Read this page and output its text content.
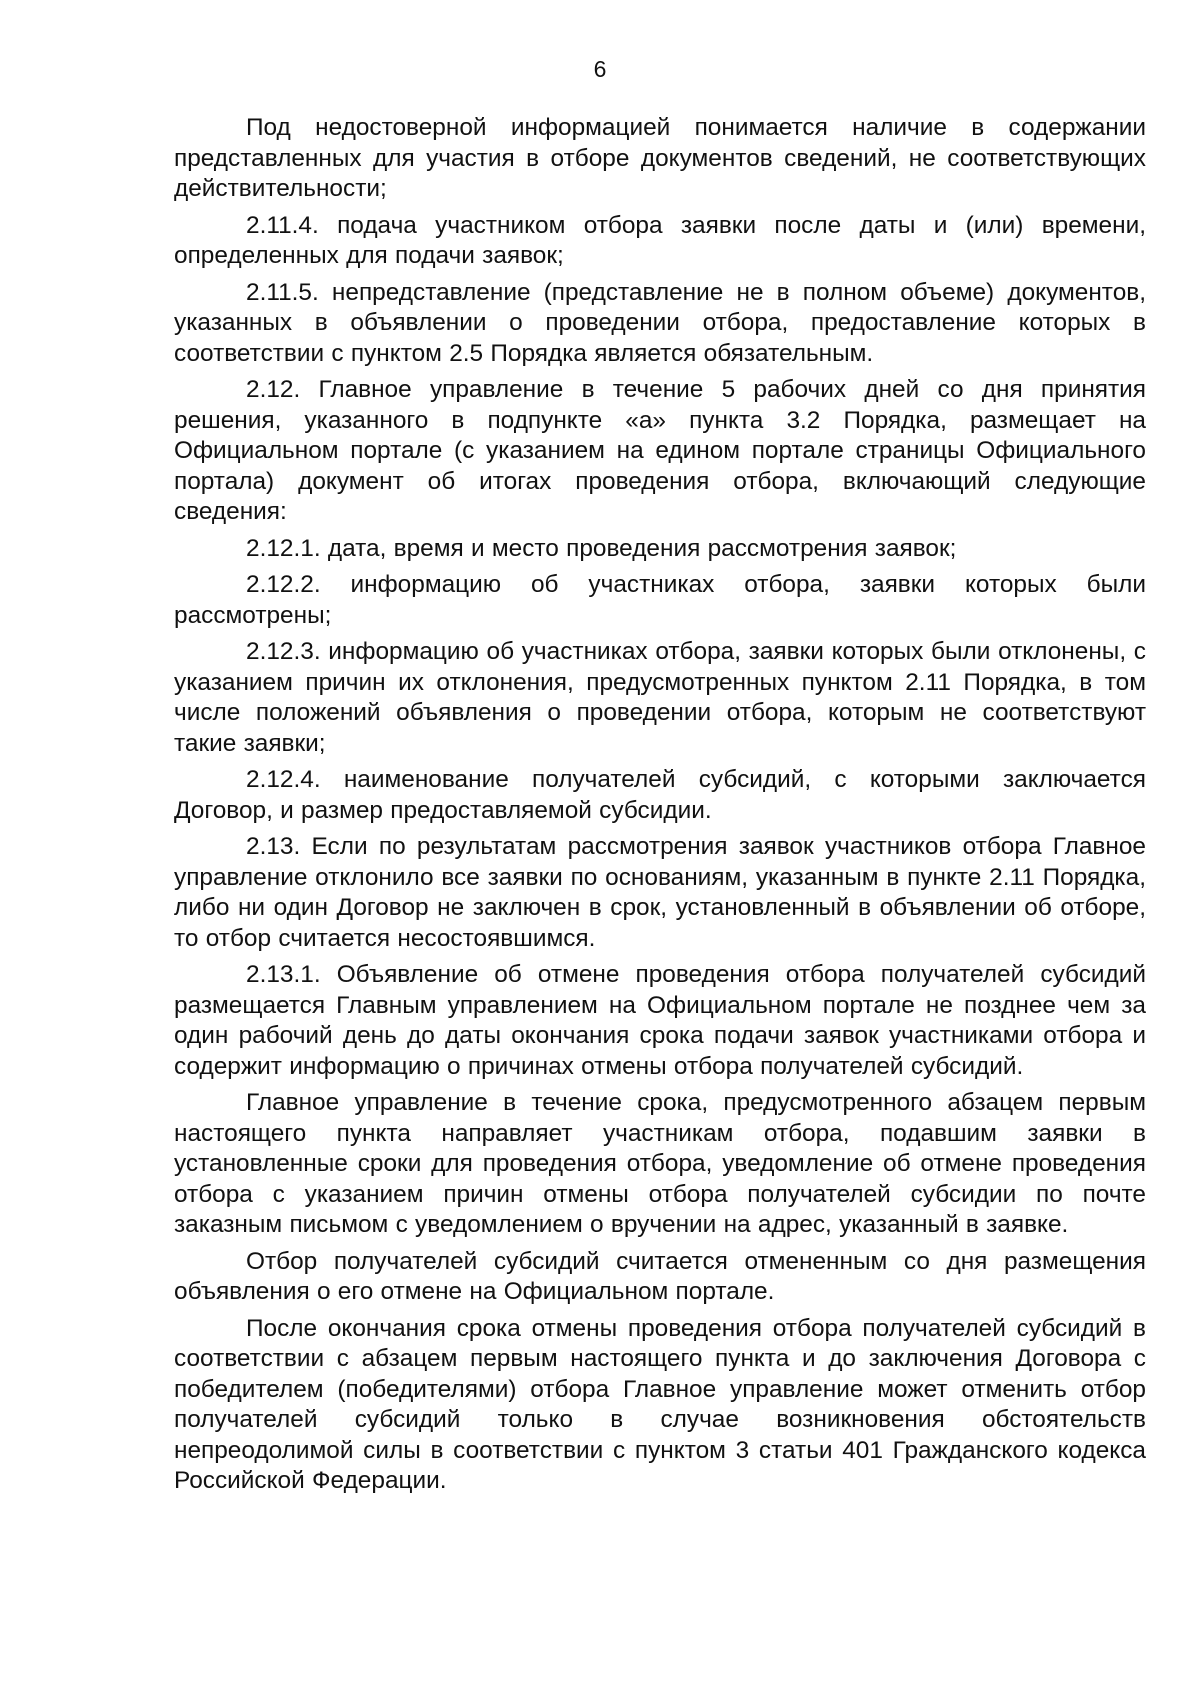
6

Под недостоверной информацией понимается наличие в содержании представленных для участия в отборе документов сведений, не соответствующих действительности;

2.11.4. подача участником отбора заявки после даты и (или) времени, определенных для подачи заявок;

2.11.5. непредставление (представление не в полном объеме) документов, указанных в объявлении о проведении отбора, предоставление которых в соответствии с пунктом 2.5 Порядка является обязательным.

2.12. Главное управление в течение 5 рабочих дней со дня принятия решения, указанного в подпункте «а» пункта 3.2 Порядка, размещает на Официальном портале (с указанием на едином портале страницы Официального портала) документ об итогах проведения отбора, включающий следующие сведения:

2.12.1. дата, время и место проведения рассмотрения заявок;

2.12.2. информацию об участниках отбора, заявки которых были рассмотрены;

2.12.3. информацию об участниках отбора, заявки которых были отклонены, с указанием причин их отклонения, предусмотренных пунктом 2.11 Порядка, в том числе положений объявления о проведении отбора, которым не соответствуют такие заявки;

2.12.4. наименование получателей субсидий, с которыми заключается Договор, и размер предоставляемой субсидии.

2.13. Если по результатам рассмотрения заявок участников отбора Главное управление отклонило все заявки по основаниям, указанным в пункте 2.11 Порядка, либо ни один Договор не заключен в срок, установленный в объявлении об отборе, то отбор считается несостоявшимся.

2.13.1. Объявление об отмене проведения отбора получателей субсидий размещается Главным управлением на Официальном портале не позднее чем за один рабочий день до даты окончания срока подачи заявок участниками отбора и содержит информацию о причинах отмены отбора получателей субсидий.

Главное управление в течение срока, предусмотренного абзацем первым настоящего пункта направляет участникам отбора, подавшим заявки в установленные сроки для проведения отбора, уведомление об отмене проведения отбора с указанием причин отмены отбора получателей субсидии по почте заказным письмом с уведомлением о вручении на адрес, указанный в заявке.

Отбор получателей субсидий считается отмененным со дня размещения объявления о его отмене на Официальном портале.

После окончания срока отмены проведения отбора получателей субсидий в соответствии с абзацем первым настоящего пункта и до заключения Договора с победителем (победителями) отбора Главное управление может отменить отбор получателей субсидий только в случае возникновения обстоятельств непреодолимой силы в соответствии с пунктом 3 статьи 401 Гражданского кодекса Российской Федерации.
